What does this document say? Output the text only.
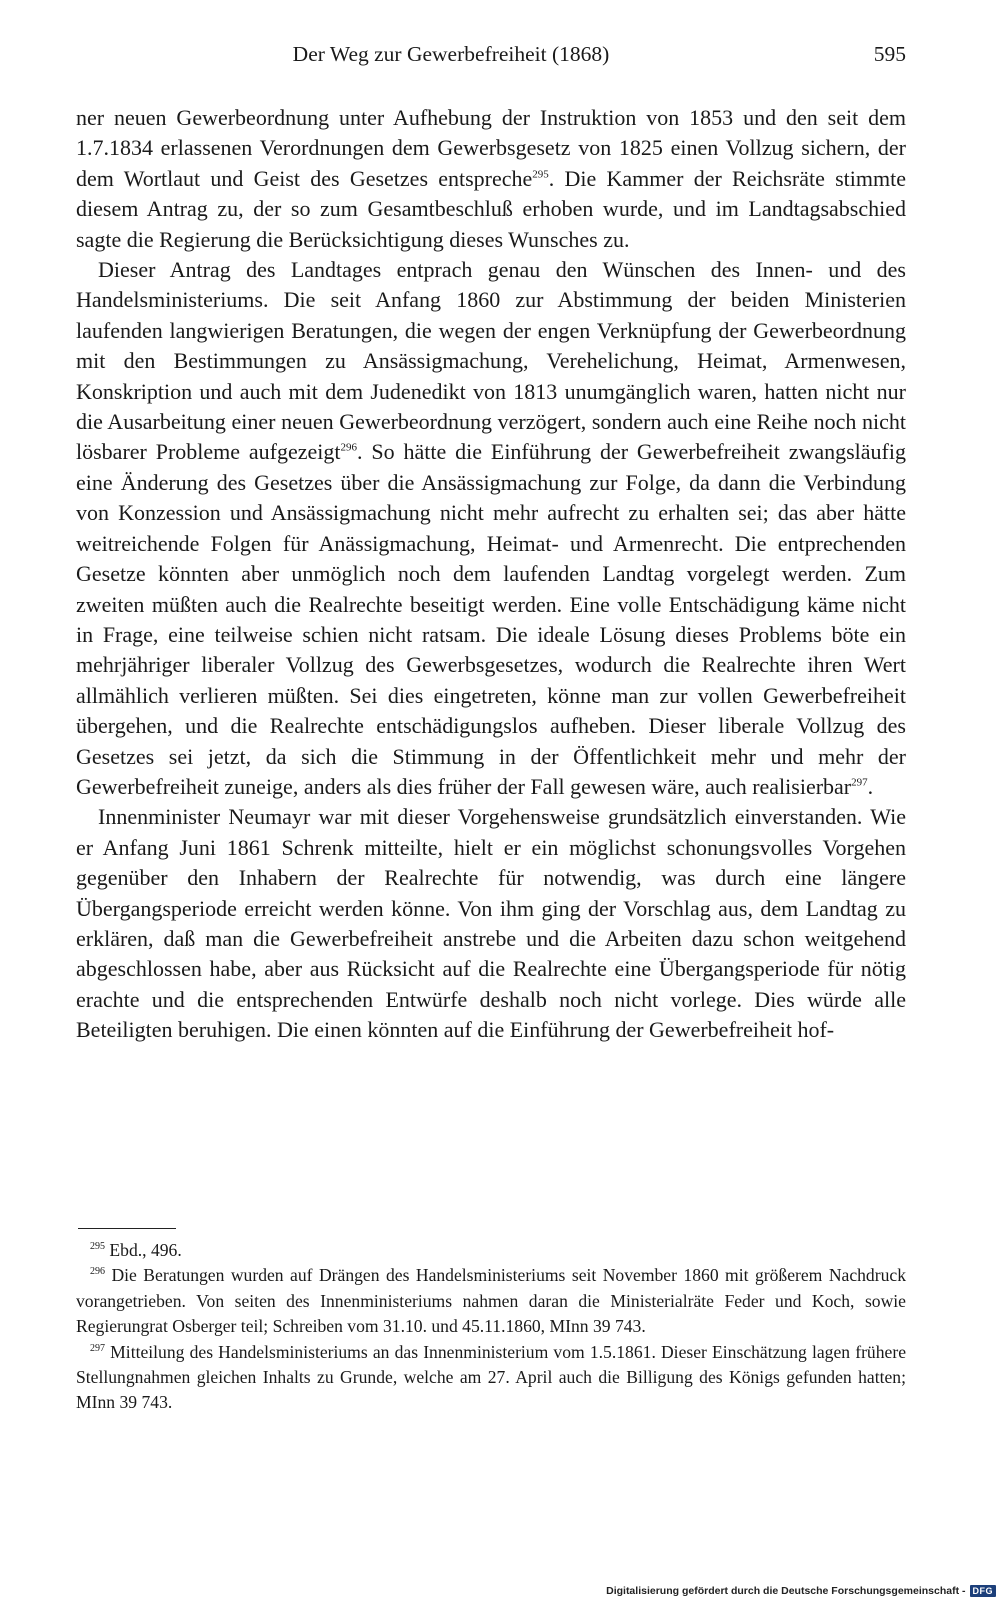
Der Weg zur Gewerbefreiheit (1868)	595

ner neuen Gewerbeordnung unter Aufhebung der Instruktion von 1853 und den seit dem 1.7.1834 erlassenen Verordnungen dem Gewerbsgesetz von 1825 einen Vollzug sichern, der dem Wortlaut und Geist des Gesetzes entspreche$^{295}$. Die Kammer der Reichsräte stimmte diesem Antrag zu, der so zum Gesamtbeschluß erhoben wurde, und im Landtagsabschied sagte die Regierung die Berücksichtigung dieses Wunsches zu.

Dieser Antrag des Landtages entprach genau den Wünschen des Innen- und des Handelsministeriums. Die seit Anfang 1860 zur Abstimmung der beiden Ministerien laufenden langwierigen Beratungen, die wegen der engen Verknüpfung der Gewerbeordnung mit den Bestimmungen zu Ansässigmachung, Verehelichung, Heimat, Armenwesen, Konskription und auch mit dem Judenedikt von 1813 unumgänglich waren, hatten nicht nur die Ausarbeitung einer neuen Gewerbeordnung verzögert, sondern auch eine Reihe noch nicht lösbarer Probleme aufgezeigt$^{296}$. So hätte die Einführung der Gewerbefreiheit zwangsläufig eine Änderung des Gesetzes über die Ansässigmachung zur Folge, da dann die Verbindung von Konzession und Ansässigmachung nicht mehr aufrecht zu erhalten sei; das aber hätte weitreichende Folgen für Anässigmachung, Heimat- und Armenrecht. Die entprechenden Gesetze könnten aber unmöglich noch dem laufenden Landtag vorgelegt werden. Zum zweiten müßten auch die Realrechte beseitigt werden. Eine volle Entschädigung käme nicht in Frage, eine teilweise schien nicht ratsam. Die ideale Lösung dieses Problems böte ein mehrjähriger liberaler Vollzug des Gewerbsgesetzes, wodurch die Realrechte ihren Wert allmählich verlieren müßten. Sei dies eingetreten, könne man zur vollen Gewerbefreiheit übergehen, und die Realrechte entschädigungslos aufheben. Dieser liberale Vollzug des Gesetzes sei jetzt, da sich die Stimmung in der Öffentlichkeit mehr und mehr der Gewerbefreiheit zuneige, anders als dies früher der Fall gewesen wäre, auch realisierbar$^{297}$.

Innenminister Neumayr war mit dieser Vorgehensweise grundsätzlich einverstanden. Wie er Anfang Juni 1861 Schrenk mitteilte, hielt er ein möglichst schonungsvolles Vorgehen gegenüber den Inhabern der Realrechte für notwendig, was durch eine längere Übergangsperiode erreicht werden könne. Von ihm ging der Vorschlag aus, dem Landtag zu erklären, daß man die Gewerbefreiheit anstrebe und die Arbeiten dazu schon weitgehend abgeschlossen habe, aber aus Rücksicht auf die Realrechte eine Übergangsperiode für nötig erachte und die entsprechenden Entwürfe deshalb noch nicht vorlege. Dies würde alle Beteiligten beruhigen. Die einen könnten auf die Einführung der Gewerbefreiheit hof-

$^{295}$ Ebd., 496.

$^{296}$ Die Beratungen wurden auf Drängen des Handelsministeriums seit November 1860 mit größerem Nachdruck vorangetrieben. Von seiten des Innenministeriums nahmen daran die Ministerialräte Feder und Koch, sowie Regierungrat Osberger teil; Schreiben vom 31.10. und 45.11.1860, MInn 39 743.

$^{297}$ Mitteilung des Handelsministeriums an das Innenministerium vom 1.5.1861. Dieser Einschätzung lagen frühere Stellungnahmen gleichen Inhalts zu Grunde, welche am 27. April auch die Billigung des Königs gefunden hatten; MInn 39 743.

Digitalisierung gefördert durch die Deutsche Forschungsgemeinschaft - DFG
